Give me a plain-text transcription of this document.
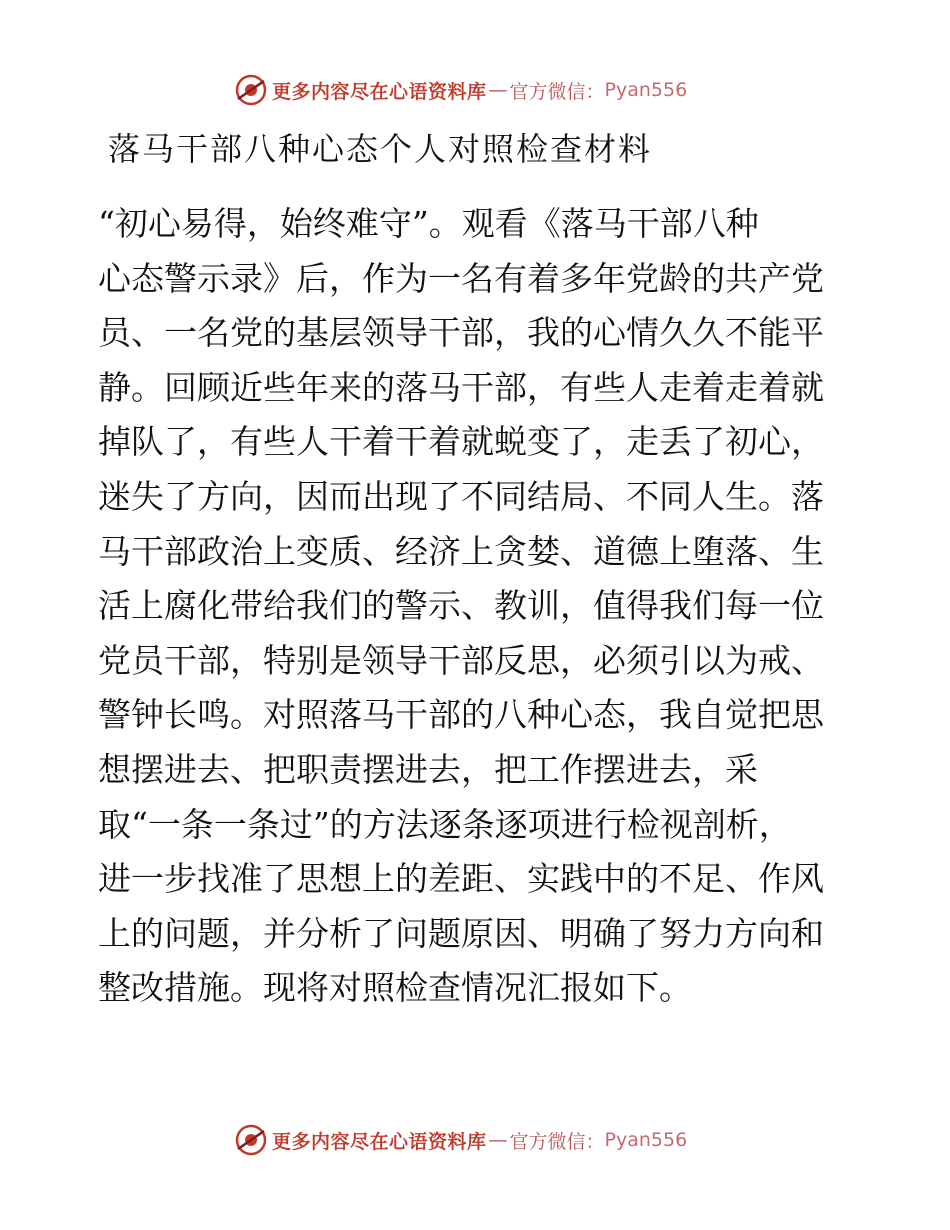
更多内容尽在心语资料库 — 官方微信： Pyan556
落马干部八种心态个人对照检查材料
“初心易得，始终难守”。观看《落马干部八种
心态警示录》后，作为一名有着多年党龄的共产党
员、一名党的基层领导干部，我的心情久久不能平
静。回顾近些年来的落马干部，有些人走着走着就
掉队了，有些人干着干着就蜕变了，走丢了初心，
迷失了方向，因而出现了不同结局、不同人生。落
马干部政治上变质、经济上贪婪、道德上堕落、生
活上腐化带给我们的警示、教训，值得我们每一位
党员干部，特别是领导干部反思，必须引以为戒、
警钟长鸣。对照落马干部的八种心态，我自觉把思
想摆进去、把职责摆进去，把工作摆进去，采
取“一条一条过”的方法逐条逐项进行检视剖析，
进一步找准了思想上的差距、实践中的不足、作风
上的问题，并分析了问题原因、明确了努力方向和
整改措施。现将对照检查情况汇报如下。
更多内容尽在心语资料库 — 官方微信： Pyan556
